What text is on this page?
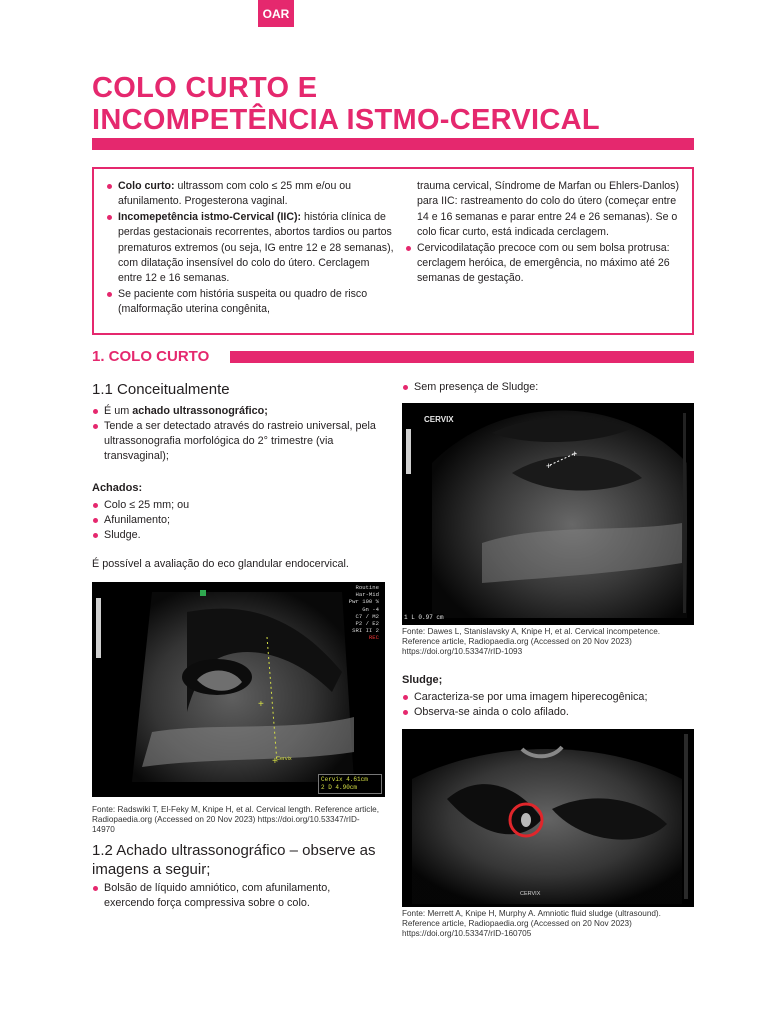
OAR
COLO CURTO E
INCOMPETÊNCIA ISTMO-CERVICAL
Colo curto: ultrassom com colo ≤ 25 mm e/ou ou afunilamento. Progesterona vaginal.
Incomepetência istmo-Cervical (IIC): história clínica de perdas gestacionais recorrentes, abortos tardios ou partos prematuros extremos (ou seja, IG entre 12 e 28 semanas), com dilatação insensível do colo do útero. Cerclagem entre 12 e 16 semanas.
Se paciente com história suspeita ou quadro de risco (malformação uterina congênita,
trauma cervical, Síndrome de Marfan ou Ehlers-Danlos) para IIC: rastreamento do colo do útero (começar entre 14 e 16 semanas e parar entre 24 e 26 semanas). Se o colo ficar curto, está indicada cerclagem.
Cervicodilatação precoce com ou sem bolsa protrusa: cerclagem heróica, de emergência, no máximo até 26 semanas de gestação.
1. COLO CURTO
1.1 Conceitualmente
É um achado ultrassonográfico;
Tende a ser detectado através do rastreio universal, pela ultrassonografia morfológica do 2° trimestre (via transvaginal);
Achados:
Colo ≤ 25 mm; ou
Afunilamento;
Sludge.

É possível a avaliação do eco glandular endocervical.

+
+
Routine
Har-Mid
Pwr 100 %
Gn -4
C7 / M2
P2 / E2
SRI II 2
REC
Cervix
Cervix 4.61cm
2 D 4.90cm

Fonte: Radswiki T, El-Feky M, Knipe H, et al. Cervical length. Reference article, Radiopaedia.org (Accessed on 20 Nov 2023) https://doi.org/10.53347/rID-14970

1.2 Achado ultrassonográfico – observe as imagens a seguir;
Bolsão de líquido amniótico, com afunilamento, exercendo força compressiva sobre o colo.
Sem presença de Sludge:
+
+
CERVIX
1 L 0.97 cm

Fonte: Dawes L, Stanislavsky A, Knipe H, et al. Cervical incompetence. Reference article, Radiopaedia.org (Accessed on 20 Nov 2023) https://doi.org/10.53347/rID-1093

Sludge;
Caracteriza-se por uma imagem hiperecogênica;
Observa-se ainda o colo afilado.
CERVIX

Fonte: Merrett A, Knipe H, Murphy A. Amniotic fluid sludge (ultrasound). Reference article, Radiopaedia.org (Accessed on 20 Nov 2023) https://doi.org/10.53347/rID-160705
